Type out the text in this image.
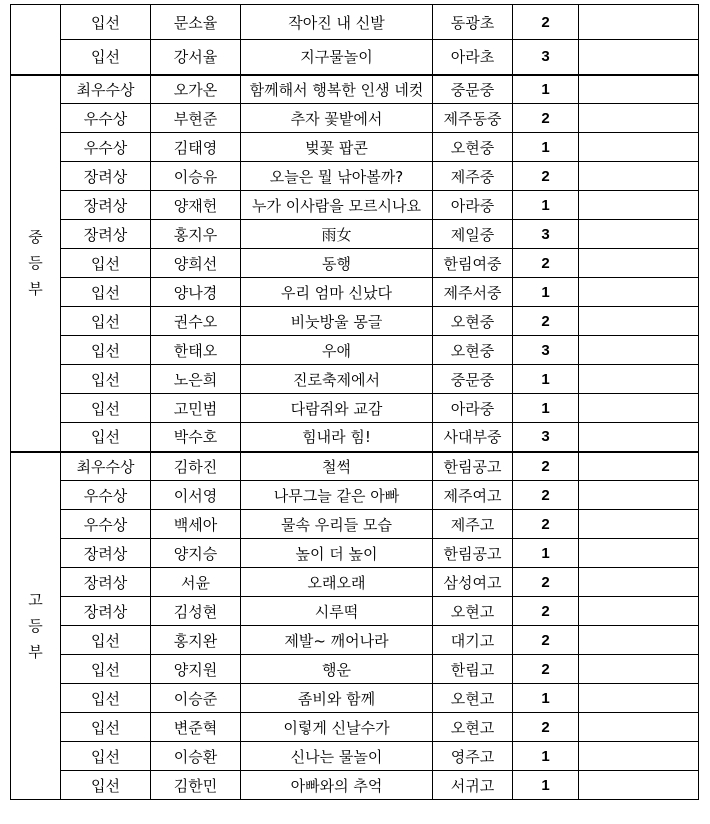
	입선	문소율	작아진 내 신발	동광초	2	
	입선	강서율	지구물놀이	아라초	3	

중
등
부	최우수상	오가온	함께해서 행복한 인생 네컷	중문중	1	
	우수상	부현준	추자 꽃밭에서	제주동중	2	
	우수상	김태영	벚꽃 팝콘	오현중	1	
	장려상	이승유	오늘은 뭘 낚아볼까?	제주중	2	
	장려상	양재헌	누가 이사람을 모르시나요	아라중	1	
	장려상	홍지우	雨女	제일중	3	
	입선	양희선	동행	한림여중	2	
	입선	양나경	우리 엄마 신났다	제주서중	1	
	입선	권수오	비눗방울 몽글	오현중	2	
	입선	한태오	우애	오현중	3	
	입선	노은희	진로축제에서	중문중	1	
	입선	고민범	다람쥐와 교감	아라중	1	
	입선	박수호	힘내라 힘!	사대부중	3	

고
등
부	최우수상	김하진	철썩	한림공고	2	
	우수상	이서영	나무그늘 같은 아빠	제주여고	2	
	우수상	백세아	물속 우리들 모습	제주고	2	
	장려상	양지승	높이 더 높이	한림공고	1	
	장려상	서윤	오래오래	삼성여고	2	
	장려상	김성현	시루떡	오현고	2	
	입선	홍지완	제발~ 깨어나라	대기고	2	
	입선	양지원	행운	한림고	2	
	입선	이승준	좀비와 함께	오현고	1	
	입선	변준혁	이렇게 신날수가	오현고	2	
	입선	이승환	신나는 물놀이	영주고	1	
	입선	김한민	아빠와의 추억	서귀고	1	
